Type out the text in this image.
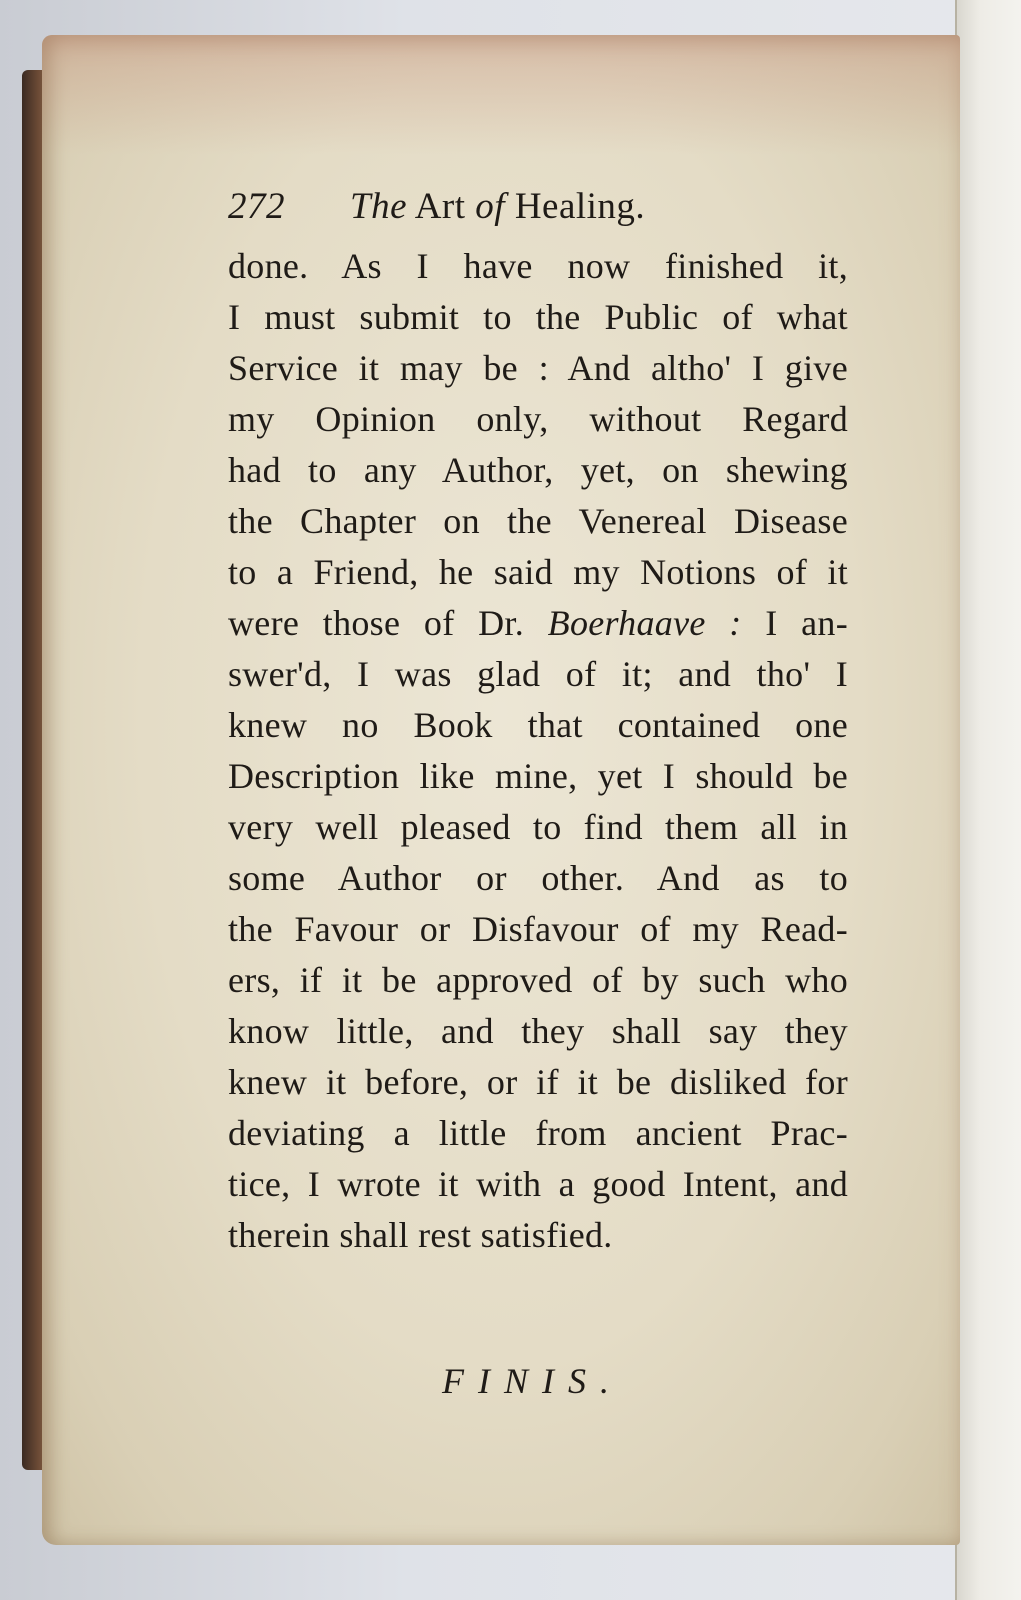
272	The Art of Healing.
done. As I have now finished it,
I must submit to the Public of what
Service it may be : And altho' I give
my Opinion only, without Regard
had to any Author, yet, on shewing
the Chapter on the Venereal Disease
to a Friend, he said my Notions of it
were those of Dr. Boerhaave : I an-
swer'd, I was glad of it; and tho' I
knew no Book that contained one
Description like mine, yet I should be
very well pleased to find them all in
some Author or other. And as to
the Favour or Disfavour of my Read-
ers, if it be approved of by such who
know little, and they shall say they
knew it before, or if it be disliked for
deviating a little from ancient Prac-
tice, I wrote it with a good Intent, and
therein shall rest satisfied.
FINIS.
